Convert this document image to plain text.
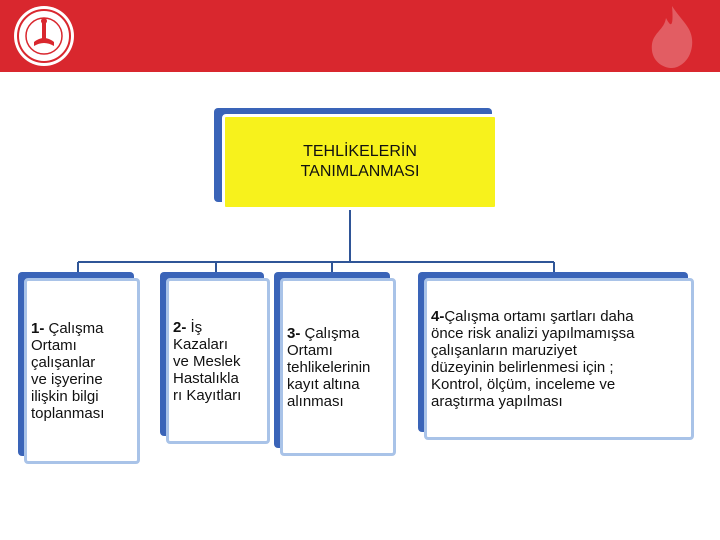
TEHLİKELERİN
TANIMLANMASI
1- Çalışma
Ortamı
çalışanlar
ve işyerine
ilişkin bilgi
toplanması
2- İş
Kazaları
ve Meslek
Hastalıkla
rı Kayıtları
3- Çalışma
Ortamı
tehlikelerinin
kayıt altına
alınması
4-Çalışma ortamı şartları daha
önce risk analizi yapılmamışsa
çalışanların maruziyet
düzeyinin belirlenmesi için ;
Kontrol, ölçüm, inceleme ve
araştırma yapılması
